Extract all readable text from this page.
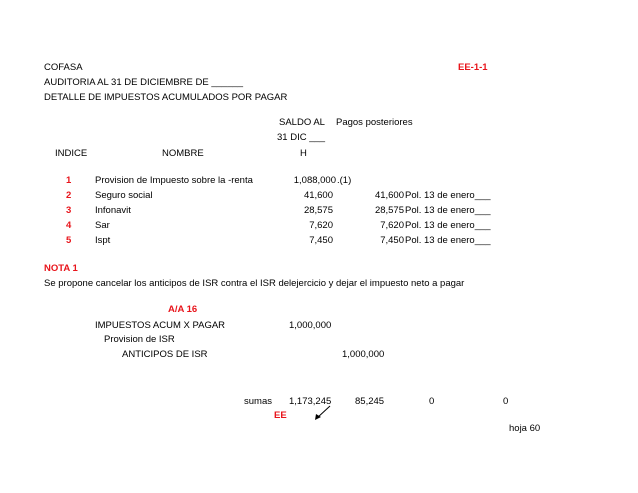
COFASA	EE-1-1
AUDITORIA AL 31 DE DICIEMBRE DE ______
DETALLE DE IMPUESTOS ACUMULADOS POR PAGAR
SALDO AL Pagos posteriores
31 DIC ___
INDICE	NOMBRE	H
1 Provision de Impuesto sobre la -renta	1,088,000 .(1)
2 Seguro social	41,600	41,600 Pol. 13 de enero___
3 Infonavit	28,575	28,575 Pol. 13 de enero___
4 Sar	7,620	7,620 Pol. 13 de enero___
5 Ispt	7,450	7,450 Pol. 13 de enero___
NOTA 1
Se propone cancelar los anticipos de ISR contra el ISR delejercicio y dejar el impuesto neto a pagar
A/A 16
IMPUESTOS ACUM X PAGAR	1,000,000
Provision de ISR
ANTICIPOS DE ISR	1,000,000
sumas 1,173,245 85,245	0	0
EE
hoja 60
